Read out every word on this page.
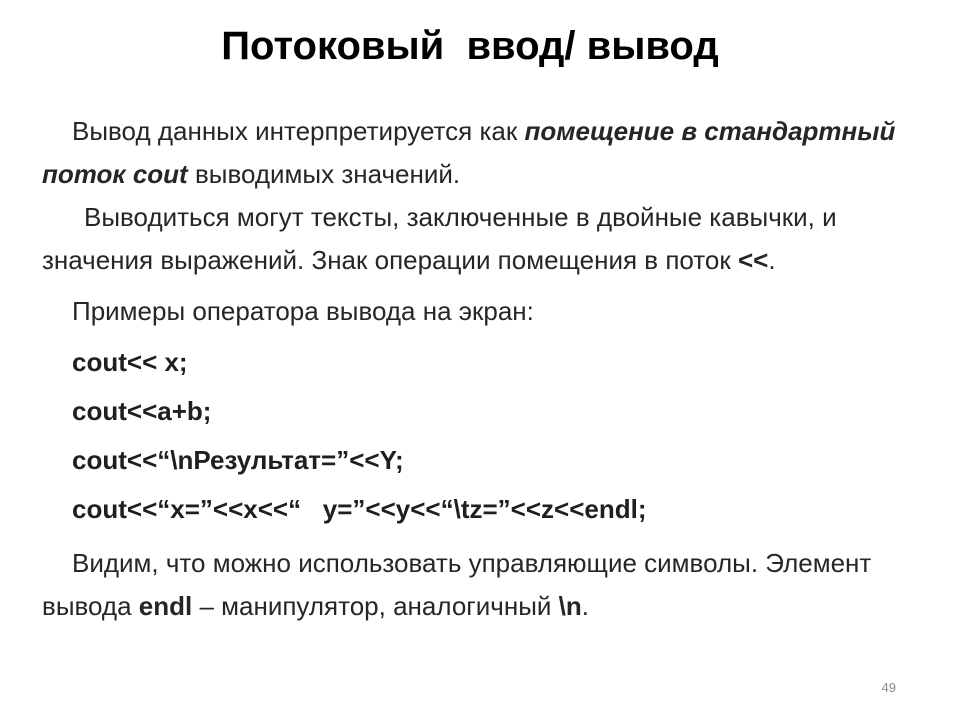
Потоковый  ввод/ вывод

Вывод данных интерпретируется как помещение в стандартный поток cout выводимых значений.

Выводиться могут тексты, заключенные в двойные кавычки, и значения выражений. Знак операции помещения в поток <<.

Примеры оператора вывода на экран:

cout<< x;
cout<<a+b;
cout<<“\nРезультат=”<<Y;
cout<<“x=”<<x<<“   y=”<<y<<“\tz=”<<z<<endl;

Видим, что можно использовать управляющие символы. Элемент вывода endl – манипулятор, аналогичный \n.

49
